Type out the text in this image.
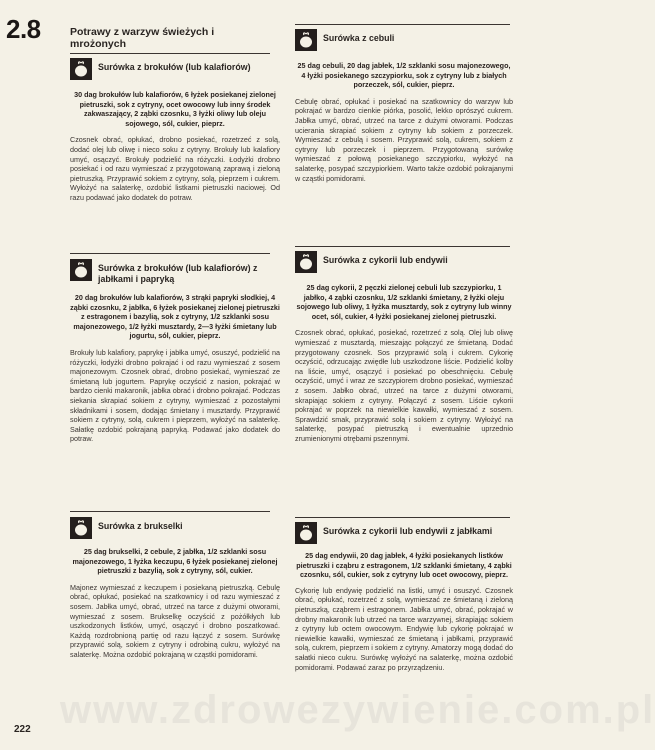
www.zdrowezywienie.com.pl
2.8	Potrawy z warzyw świeżych i mrożonych
Surówka z brokułów (lub kalafiorów)
30 dag brokułów lub kalafiorów, 6 łyżek posiekanej zielonej pietruszki, sok z cytryny, ocet owocowy lub inny środek zakwaszający, 2 ząbki czosnku, 3 łyżki oliwy lub oleju sojowego, sól, cukier, pieprz.
Czosnek obrać, opłukać, drobno posiekać, rozetrzeć z solą, dodać olej lub oliwę i nieco soku z cytryny. Brokuły lub kalafiory umyć, osączyć. Brokuły podzielić na różyczki. Łodyżki drobno posiekać i od razu wymieszać z przygotowaną zaprawą i zieloną pietruszką. Przyprawić sokiem z cytryny, solą, pieprzem i cukrem. Wyłożyć na salaterkę, ozdobić listkami pietruszki naciowej. Od razu podawać jako dodatek do potraw.
Surówka z brokułów (lub kalafiorów) z jabłkami i papryką
20 dag brokułów lub kalafiorów, 3 strąki papryki słodkiej, 4 ząbki czosnku, 2 jabłka, 6 łyżek posiekanej zielonej pietruszki z estragonem i bazylią, sok z cytryny, 1/2 szklanki sosu majonezowego, 1/2 łyżki musztardy, 2—3 łyżki śmietany lub jogurtu, sól, cukier, pieprz.
Brokuły lub kalafiory, paprykę i jabłka umyć, osuszyć, podzielić na różyczki, łodyżki drobno pokrajać i od razu wymieszać z sosem majonezowym. Czosnek obrać, drobno posiekać, wymieszać ze śmietaną lub jogurtem. Paprykę oczyścić z nasion, pokrajać w bardzo cienki makaronik, jabłka obrać i drobno pokrajać. Podczas siekania skrapiać sokiem z cytryny, wymieszać z pozostałymi składnikami i sosem, dodając śmietany i musztardy. Przyprawić sokiem z cytryny, solą, cukrem i pieprzem, wyłożyć na salaterkę. Sałatkę ozdobić pokrajaną papryką. Podawać jako dodatek do potraw.
Surówka z brukselki
25 dag brukselki, 2 cebule, 2 jabłka, 1/2 szklanki sosu majonezowego, 1 łyżka keczupu, 6 łyżek posiekanej zielonej pietruszki z bazylią, sok z cytryny, sól, cukier.
Majonez wymieszać z keczupem i posiekaną pietruszką. Cebulę obrać, opłukać, posiekać na szatkownicy i od razu wymieszać z sosem. Jabłka umyć, obrać, utrzeć na tarce z dużymi otworami, wymieszać z sosem. Brukselkę oczyścić z pożółkłych lub uszkodzonych listków, umyć, osączyć i drobno poszatkować. Każdą rozdrobnioną partię od razu łączyć z sosem. Surówkę przyprawić solą, sokiem z cytryny i odrobiną cukru, wyłożyć na salaterkę. Można ozdobić pokrajaną w cząstki pomidorami.
Surówka z cebuli
25 dag cebuli, 20 dag jabłek, 1/2 szklanki sosu majonezowego, 4 łyżki posiekanego szczypiorku, sok z cytryny lub z białych porzeczek, sól, cukier, pieprz.
Cebulę obrać, opłukać i posiekać na szatkownicy do warzyw lub pokrajać w bardzo cienkie piórka, posolić, lekko oprószyć cukrem. Jabłka umyć, obrać, utrzeć na tarce z dużymi otworami. Podczas ucierania skrapiać sokiem z cytryny lub sokiem z porzeczek. Wymieszać z cebulą i sosem. Przyprawić solą, cukrem, sokiem z cytryny lub porzeczek i pieprzem. Przygotowaną surówkę wymieszać z połową posiekanego szczypiorku, wyłożyć na salaterkę, posypać szczypiorkiem. Warto także ozdobić pokrajanymi w cząstki pomidorami.
Surówka z cykorii lub endywii
25 dag cykorii, 2 pęczki zielonej cebuli lub szczypiorku, 1 jabłko, 4 ząbki czosnku, 1/2 szklanki śmietany, 2 łyżki oleju sojowego lub oliwy, 1 łyżka musztardy, sok z cytryny lub winny ocet, sól, cukier, 4 łyżki posiekanej zielonej pietruszki.
Czosnek obrać, opłukać, posiekać, rozetrzeć z solą. Olej lub oliwę wymieszać z musztardą, mieszając połączyć ze śmietaną. Dodać przygotowany czosnek. Sos przyprawić solą i cukrem. Cykorię oczyścić, odrzucając zwiędłe lub uszkodzone liście. Podzielić kolby na liście, umyć, osączyć i posiekać po obeschnięciu. Cebulę oczyścić, umyć i wraz ze szczypiorem drobno posiekać, wymieszać z sosem. Jabłko obrać, utrzeć na tarce z dużymi otworami, skrapiając sokiem z cytryny. Połączyć z sosem. Liście cykorii pokrajać w poprzek na niewielkie kawałki, wymieszać z sosem. Sprawdzić smak, przyprawić solą i sokiem z cytryny. Wyłożyć na salaterkę, posypać pietruszką i ewentualnie uprzednio zrumienionymi otrębami pszennymi.
Surówka z cykorii lub endywii z jabłkami
25 dag endywii, 20 dag jabłek, 4 łyżki posiekanych listków pietruszki i cząbru z estragonem, 1/2 szklanki śmietany, 4 ząbki czosnku, sól, cukier, sok z cytryny lub ocet owocowy, pieprz.
Cykorię lub endywię podzielić na listki, umyć i osuszyć. Czosnek obrać, opłukać, rozetrzeć z solą, wymieszać ze śmietaną i zieloną pietruszką, cząbrem i estragonem. Jabłka umyć, obrać, pokrajać w drobny makaronik lub utrzeć na tarce warzywnej, skrapiając sokiem z cytryny lub octem owocowym. Endywię lub cykorię pokrajać w niewielkie kawałki, wymieszać ze śmietaną i jabłkami, przyprawić solą, cukrem, pieprzem i sokiem z cytryny. Amatorzy mogą dodać do sałatki nieco cukru. Surówkę wyłożyć na salaterkę, można ozdobić pomidorami. Podawać zaraz po przyrządzeniu.
222
